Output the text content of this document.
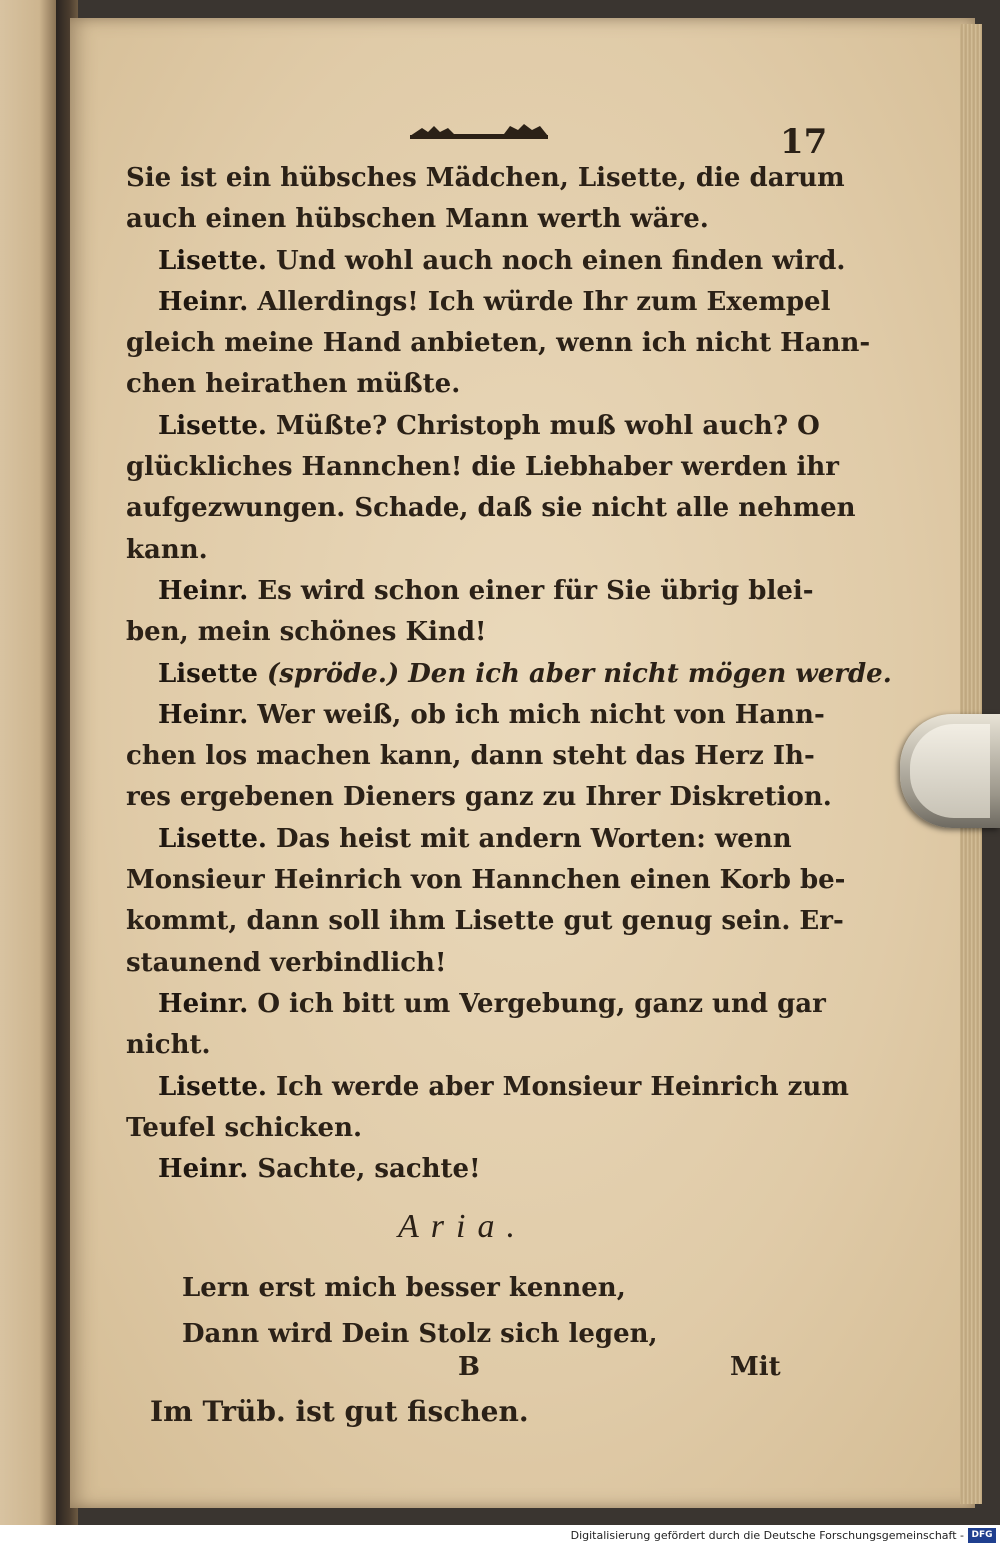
17
Sie ist ein hübsches Mädchen, Lisette, die darum
auch einen hübschen Mann werth wäre.
Lisette. Und wohl auch noch einen finden wird.
Heinr. Allerdings! Ich würde Ihr zum Exempel
gleich meine Hand anbieten, wenn ich nicht Hann-
chen heirathen müßte.
Lisette. Müßte? Christoph muß wohl auch? O
glückliches Hannchen! die Liebhaber werden ihr
aufgezwungen. Schade, daß sie nicht alle nehmen
kann.
Heinr. Es wird schon einer für Sie übrig blei-
ben, mein schönes Kind!
Lisette (spröde.) Den ich aber nicht mögen werde.
Heinr. Wer weiß, ob ich mich nicht von Hann-
chen los machen kann, dann steht das Herz Ih-
res ergebenen Dieners ganz zu Ihrer Diskretion.
Lisette. Das heist mit andern Worten: wenn
Monsieur Heinrich von Hannchen einen Korb be-
kommt, dann soll ihm Lisette gut genug sein. Er-
staunend verbindlich!
Heinr. O ich bitt um Vergebung, ganz und gar
nicht.
Lisette. Ich werde aber Monsieur Heinrich zum
Teufel schicken.
Heinr. Sachte, sachte!
Aria.
Lern erst mich besser kennen,
Dann wird Dein Stolz sich legen,
B	Mit
Im Trüb. ist gut fischen.
Digitalisierung gefördert durch die Deutsche Forschungsgemeinschaft - DFG
